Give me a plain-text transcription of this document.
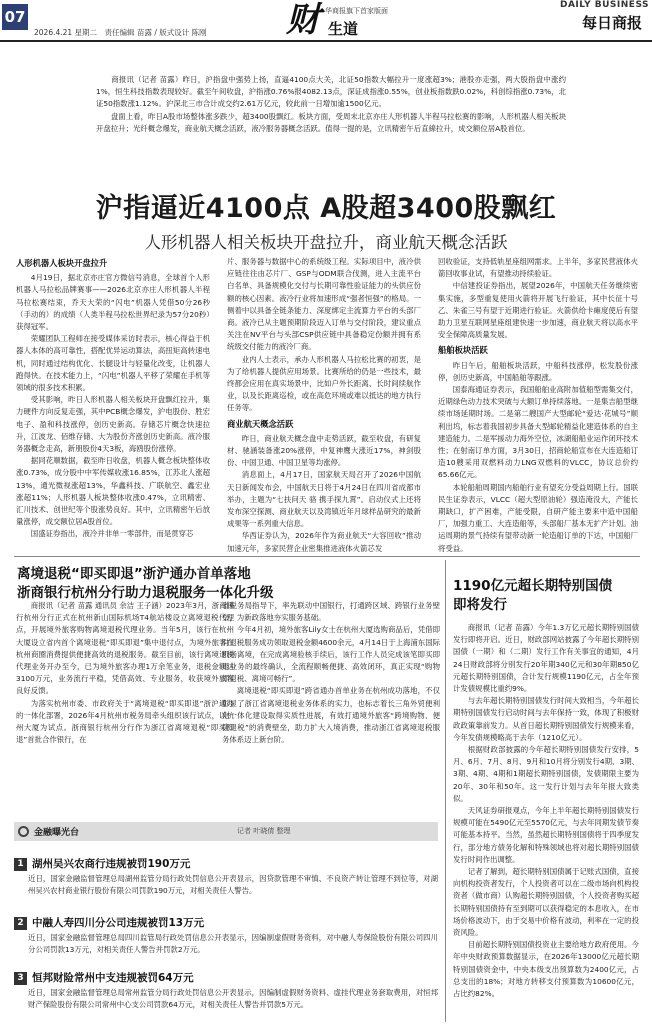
07
2026.4.21 星期二　责任编辑 苗露 / 版式设计 陈刚 财 华商报旗下首家版面
生道
DAILY BUSINESS
每日商报
　　商报讯（记者 苗露）昨日，沪指盘中强势上扬，直逼4100点大关，北证50指数大幅拉升一度涨超3%；港股亦走强，两大股指盘中涨约1%，恒生科技指数表现较好。截至午间收盘，沪指涨0.76%报4082.13点，深证成指涨0.55%，创业板指数跌0.02%，科创综指涨0.73%，北证50指数涨1.12%。沪深北三市合计成交约2.61万亿元，较此前一日增加逾1500亿元。
　　盘面上看，昨日A股市场整体涨多跌少，超3400股飘红。板块方面，受周末北京亦庄人形机器人半程马拉松赛的影响，人形机器人相关板块开盘拉升；光纤概念爆发，商业航天概念活跃，液冷服务器概念活跃。值得一提的是，立讯精密午后直線拉升，成交额位居A股首位。
沪指逼近4100点 A股超3400股飘红
人形机器人相关板块开盘拉升，商业航天概念活跃
人形机器人板块开盘拉升
4月19日，据北京亦庄官方微信号消息，全球首个人形机器人马拉松品牌赛事——2026北京亦庄人形机器人半程马拉松赛结束，乔天大荣的“闪电”机器人凭借50分26秒（手动的）的成绩（人类半程马拉松世界纪录为57分20秒）获得冠军。
荣耀团队工程师在接受媒体采访时表示，核心得益于机器人本体的高可靠性，搭配优异运动算法，高扭矩高转速电机，同时通过结构优化、长腿设计与轻量化改变，让机器人跑得快。在技术能力上，“闪电”机器人平移了荣耀在手机等领域的很多技术积累。
受其影响，昨日人形机器人相关板块开盘飘红拉升，集力硬件方向反复走强，其中PCB概念爆发，沪电股份、胜宏电子、盈和科技涨停，创历史新高。存储芯片概念快速拉升，江波龙、佰维存储、大为股份齐涨创历史新高。液冷服务器概念走高，新朋股份4天3板，海鸥股份涨停。
据同花顺数据，截至昨日收盘，机器人概念板块整体收涨0.73%，成分股中中军传媒收涨16.85%，江苏北人涨超13%，通光微视涨超13%，华鑫科技、广联航空、鑫宏业涨超11%；人形机器人板块整体收涨0.47%，立讯精密、汇川技术、创世纪等个股涨势良好。其中，立讯精密午后放量涨停，成交额位居A股首位。
国盛证券指出，液冷并非单一零部件，而是贯穿芯
片、服务器与数据中心的系统级工程。实际项目中，液冷供应链往往由芯片厂、GSP与ODM联合伐测，进入主流平台白名单、具备规模化交付与长期可靠性验证能力的头供应份额的核心因素。液冷行业将加速形成“强者恒强”的格局。一侧着中以具备全链条能力、深度绑定主流算力平台的头部厂商。液冷已从主题预期阶段迈入订单与交付阶段，建议重点关注在NV平台与头部CSP供应链中具备稳定份额并拥有系统级交付能力的液冷厂商。
业内人士表示，承办人形机器人马拉松比赛的初衷，是为了给机器人提供应用场景。比赛所给的仍是一些技术，最终都会应用在真实场景中，比如户外长距离、长时间续航作业，以及长距离巡检，或在高危环境或难以抵达的地方执行任务等。
商业航天概念活跃
昨日，商业航天概念盘中走势活跃，截至收盘，有研复材、驰涵装备涨20%涨停，中复神鹰大涨近17%，神剑股份、中国卫通、中国卫星等均涨停。
消息面上，4月17日，国家航天局召开了2026中国航天日新闻发布会，中国航天日将于4月24日在四川省成都市举办，主题为“七扶问天 骆 携手探九霄”。启动仪式上还将发布深空探测、商业航天以及湾镇近年月球样品研究的最新成果等一系列重大信息。
华西证券认为，2026年作为商业航天“大容回收”推动加速元年，多家民营企业密集推进液体火箭芯发
回收验证，支持低轨星座组网需求。上半年，多家民营液体火箭回收事业试，有望推动持续验证。
中信建投证券指出，展望2026年，中国航天任务继续密集实施，多型重复使用火箭将开展飞行验证，其中长征十号乙、朱雀三号有望于近期进行验证。火箭供给卡瘫度使后有望助力卫星互联网星座组建快速一步加速，商业航天将以高水平安全保障高质量发展。
船舶板块活跃
昨日午后，船舶板块活跃，中船科技涨停，松发股份涨停，创历史新高，中国船舶等跟涨。
国泰海通证券表示，我国船舶业高附加值船型需集交付，近期绿色动力技术突破与大额订单持续落地。一是集吉船型继续市场延期时场。二是第二艘国产大型邮轮“爱达·花城号”顺利出坞，标志着我国初步具备大型邮轮精益化建造体系的自主建造能力。二是军援动力海外空位，冰湖船船业运作闭环技术性；在射南订单方面，3月30日，招商轮船宣布在大连造船订造10艘采用双燃料动力LNG双燃料的VLCC，协议总价约65.66亿元。
本轮船舶周期国内船舶行业有望充分受益周期上行。国联民生证券表示，VLCC（超大型原油轮）强造淹没大，产能长期缺口，扩产困难，产能受限，自研产能主要来中造中国船厂，加强力重工、大连造船等，头部船厂基本无扩产计划。油运周期的景气持续有望带动新一轮造船订单的下达，中国船厂将受益。
离境退税“即买即退”浙沪通办首单落地
浙商银行杭州分行助力退税服务一体化升级
商报讯（记者 苗露 通讯员 余洁 王子涵）2023年3月，浙商银行杭州分行正式在杭州新山国际机场T4航站楼设立离境退税代理点，开展境外旅客购物离境退税代理业务。当年5月，该行在杭州大厦设立省内首个离境退税“即买即退”集中退付点，为境外旅客在杭州商圈消费提供便捷高效的退税服务。截至目前，该行离境退税代理业务开办至今，已为境外旅客办理1万余笔业务，退税金额达3100万元，业务流行平稳，凭借高效、专业服务，收获境外旅客良好反馈。
为落实杭州市委、市政府关于“离境退税“即买即退”浙沪通办的一体化部署，2026年4月杭州市税务局牵头组织该行试点，以杭州大厦为试点。浙商银行杭州分行作为浙江省离境退税“即买即退”首批合作银行，在
省税务局指导下，率先联动中国银行，打通跨区域、跨银行业务壁垒，为新政落地夯实服务基础。
今年4月初，境外旅客Lily女士在杭州大厦选购商品后，凭借即时退税服务成功领取退税金额4600余元，4月14日于上海浦东国际机场离境，在完成离境验核手续后，该行工作人员完成该笔即买即退业务的最终确认，全流程顺畅便捷、高效闭环，真正实现“购物即退税、离境可畅行”。
离境退税“即买即退”跨省通办首单业务在杭州成功落地，不仅彰显了浙江省离境退税业务体系的实力，也标志着长三角外贸便利化一体化建设取得实质性进展，有效打通境外旅客“跨境购物、便捷退税”的消费壁垒，助力扩大入境消费，推动浙江省离境退税服务体系迈上新台阶。
1190亿元超长期特别国债
即将发行
商报讯（记者 苗露）今年1.3万亿元超长期特别国债发行即将开启。近日，财政部网站披露了今年超长期特别国债（一期）和（二期）发行工作有关事宜的通知，4月24日财政部将分别发行20年期340亿元和30年期850亿元超长期特别国债，合计发行规模1190亿元，占全年预计发债规模比重约9%。
与去年超长期特别国债发行时间大致相当，今年超长期特别国债发行启动时间与去年保持一致，体现了积极财政政策靠前发力。从首日超长期特别国债发行规模来看，今年发债规模略高于去年（1210亿元）。
根据财政部披露的今年超长期特别国债发行安排，5月、6月、7月、8月、9月和10月将分别发行4期、3期、3期、4期、4期和1期超长期特别国债，发债期限主要为20年、30年和50年。这一发行计划与去年年报大致类似。
天风证券研报观点，今年上半年超长期特别国债发行规模可能在5490亿元至5570亿元，与去年同期发债节奏可能基本持平。当然，虽然超长期特别国债将于四季度发行，部分地方债务化解和特殊领域也将对超长期特别国债发行时间作出调整。
记者了解到，超长期特别国债属于记账式国债，直接向机构投资者发行，个人投资者可以在二级市场向机构投资者（做市商）认购超长期特别国债，个人投资者购买超长期特别国债持有至到期可以获得稳定的本息收入，在市场价格波动下，由于交易中价格有波动，利率在一定的投资风险。
目前超长期特别国债投资业主要给地方政府使用。今年中央财政预算数据显示，在2026年13000亿元超长期特别国债资金中，中央本级支出预算数为2400亿元，占总支出的18%；对地方转移支付预算数为10600亿元，占比约82%。
金融曝光台	记者 叶晓倩 整理
1 湖州吴兴农商行违规被罚190万元
近日，国家金融监督管理总局湖州监管分局行政处罚信息公开表显示，因贷款管理不审慎、不良资产转让管理不到位等，对湖州吴兴农村商业银行股份有限公司罚款190万元，对相关责任人警告。
2 中融人寿四川分公司违规被罚13万元
近日，国家金融监督管理总局四川监管局行政处罚信息公开表显示，因编制虚假财务资料，对中融人寿保险股份有限公司四川分公司罚款13万元，对相关责任人警告并罚款2万元。
3 恒邦财险常州中支违规被罚64万元
近日，国家金融监督管理总局常州监管分局行政处罚信息公开表显示，因编制虚假财务资料、虚挂代理业务套取费用，对恒邦财产保险股份有限公司常州中心支公司罚款64万元，对相关责任人警告并罚款5万元。
